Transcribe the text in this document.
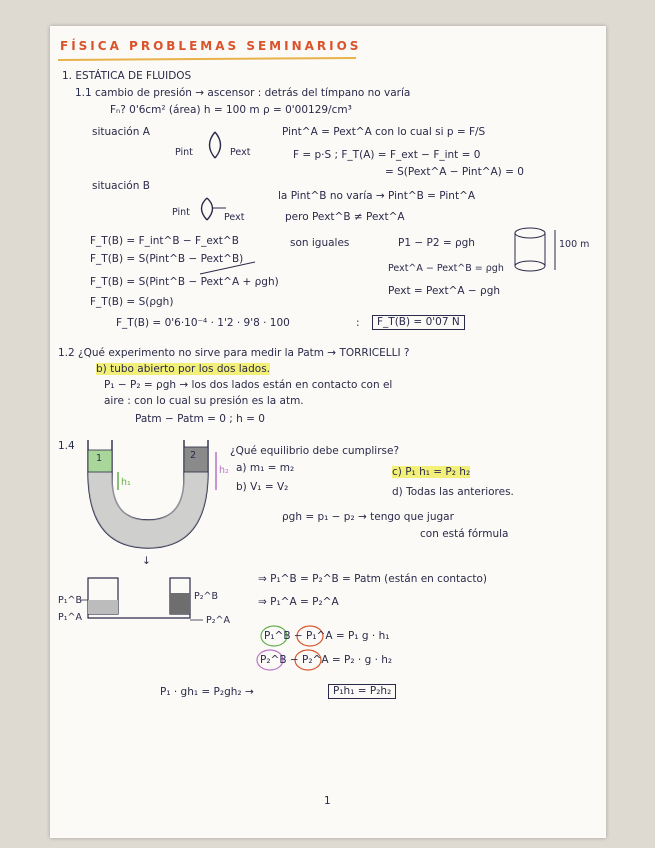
FÍSICA PROBLEMAS SEMINARIOS
1. ESTÁTICA DE FLUIDOS
1.1 cambio de presión → ascensor : detrás del tímpano no varía
Fₙ? 0'6cm² (área) h = 100 m ρ = 0'00129/cm³
situación A
Pint	Pext
Pint^A = Pext^A con lo cual si p = F/S
F = p·S ; F_T(A) = F_ext − F_int = 0
= S(Pext^A − Pint^A) = 0
situación B
Pint	Pext
la Pint^B no varía → Pint^B = Pint^A
pero Pext^B ≠ Pext^A
F_T(B) = F_int^B − F_ext^B
F_T(B) = S(Pint^B − Pext^B)
F_T(B) = S(Pint^B − Pext^A + ρgh)
F_T(B) = S(ρgh)
F_T(B) = 0'6·10⁻⁴ · 1'2 · 9'8 · 100	:	F_T(B) = 0'07 N
son iguales	P1 − P2 = ρgh
Pext^A − Pext^B = ρgh
Pext = Pext^A − ρgh
100 m
1.2 ¿Qué experimento no sirve para medir la Patm → TORRICELLI ?
b) tubo abierto por los dos lados.
P₁ − P₂ = ρgh → los dos lados están en contacto con el
aire : con lo cual su presión es la atm.
Patm − Patm = 0 ; h = 0
1.4
1	2
h₁
h₂
¿Qué equilibrio debe cumplirse?
a) m₁ = m₂
b) V₁ = V₂
c) P₁ h₁ = P₂ h₂
d) Todas las anteriores.
ρgh = p₁ − p₂ → tengo que jugar
con está fórmula
↓
P₁^B
P₁^A
P₂^B
P₂^A
⇒ P₁^B = P₂^B = Patm (están en contacto)
⇒ P₁^A = P₂^A
P₁^B − P₁^A = P₁ g · h₁
P₂^B − P₂^A = P₂ · g · h₂
P₁ · gh₁ = P₂gh₂ →	P₁h₁ = P₂h₂
1
